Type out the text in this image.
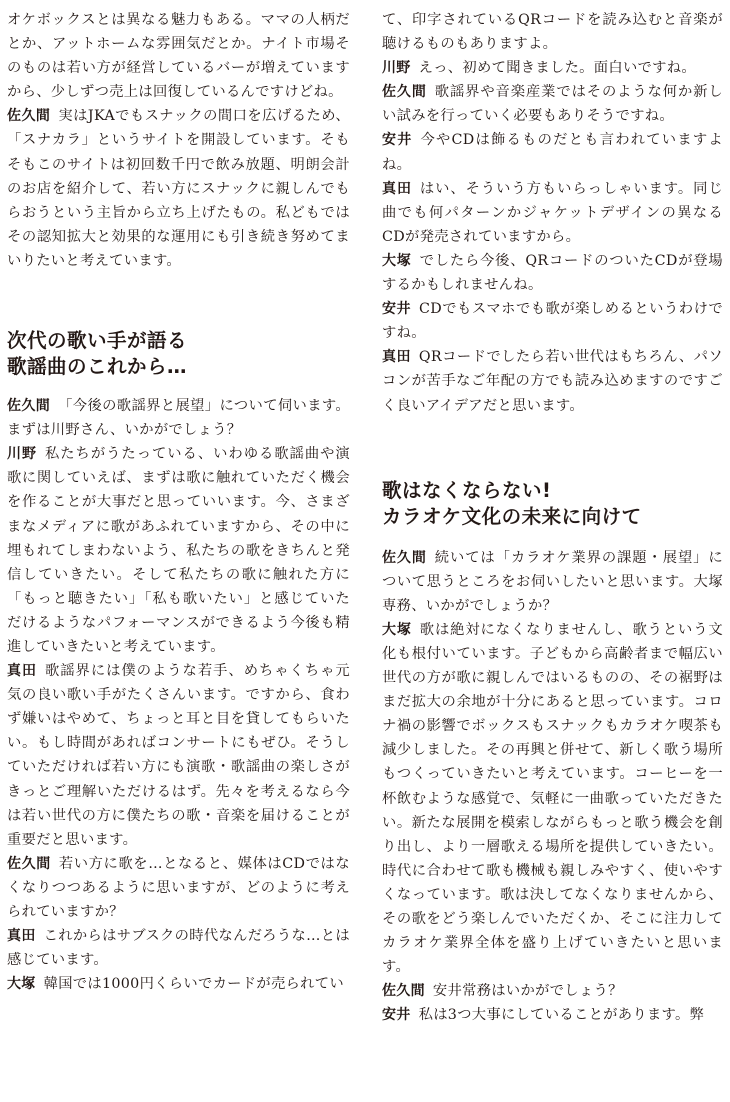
オケボックスとは異なる魅力もある。ママの人柄だとか、アットホームな雰囲気だとか。ナイト市場そのものは若い方が経営しているバーが増えていますから、少しずつ売上は回復しているんですけどね。

佐久間 実はJKAでもスナックの間口を広げるため、「スナカラ」というサイトを開設しています。そもそもこのサイトは初回数千円で飲み放題、明朗会計のお店を紹介して、若い方にスナックに親しんでもらおうという主旨から立ち上げたもの。私どもではその認知拡大と効果的な運用にも引き続き努めてまいりたいと考えています。

次代の歌い手が語る
歌謡曲のこれから…

佐久間 「今後の歌謡界と展望」について伺います。まずは川野さん、いかがでしょう？

川野 私たちがうたっている、いわゆる歌謡曲や演歌に関していえば、まずは歌に触れていただく機会を作ることが大事だと思っていいます。今、さまざまなメディアに歌があふれていますから、その中に埋もれてしまわないよう、私たちの歌をきちんと発信していきたい。そして私たちの歌に触れた方に「もっと聴きたい」「私も歌いたい」と感じていただけるようなパフォーマンスができるよう今後も精進していきたいと考えています。

真田 歌謡界には僕のような若手、めちゃくちゃ元気の良い歌い手がたくさんいます。ですから、食わず嫌いはやめて、ちょっと耳と目を貸してもらいたい。もし時間があればコンサートにもぜひ。そうしていただければ若い方にも演歌・歌謡曲の楽しさがきっとご理解いただけるはず。先々を考えるなら今は若い世代の方に僕たちの歌・音楽を届けることが重要だと思います。

佐久間 若い方に歌を…となると、媒体はCDではなくなりつつあるように思いますが、どのように考えられていますか？

真田 これからはサブスクの時代なんだろうな…とは感じています。

大塚 韓国では1000円くらいでカードが売られてい

て、印字されているQRコードを読み込むと音楽が聴けるものもありますよ。

川野 えっ、初めて聞きました。面白いですね。

佐久間 歌謡界や音楽産業ではそのような何か新しい試みを行っていく必要もありそうですね。

安井 今やCDは飾るものだとも言われていますよね。

真田 はい、そういう方もいらっしゃいます。同じ曲でも何パターンかジャケットデザインの異なるCDが発売されていますから。

大塚 でしたら今後、QRコードのついたCDが登場するかもしれませんね。

安井 CDでもスマホでも歌が楽しめるというわけですね。

真田 QRコードでしたら若い世代はもちろん、パソコンが苦手なご年配の方でも読み込めますのですごく良いアイデアだと思います。

歌はなくならない!
カラオケ文化の未来に向けて

佐久間 続いては「カラオケ業界の課題・展望」について思うところをお伺いしたいと思います。大塚専務、いかがでしょうか？

大塚 歌は絶対になくなりませんし、歌うという文化も根付いています。子どもから高齢者まで幅広い世代の方が歌に親しんではいるものの、その裾野はまだ拡大の余地が十分にあると思っています。コロナ禍の影響でボックスもスナックもカラオケ喫茶も減少しました。その再興と併せて、新しく歌う場所もつくっていきたいと考えています。コーヒーを一杯飲むような感覚で、気軽に一曲歌っていただきたい。新たな展開を模索しながらもっと歌う機会を創り出し、より一層歌える場所を提供していきたい。時代に合わせて歌も機械も親しみやすく、使いやすくなっています。歌は決してなくなりませんから、その歌をどう楽しんでいただくか、そこに注力してカラオケ業界全体を盛り上げていきたいと思います。

佐久間 安井常務はいかがでしょう？

安井 私は3つ大事にしていることがあります。弊
